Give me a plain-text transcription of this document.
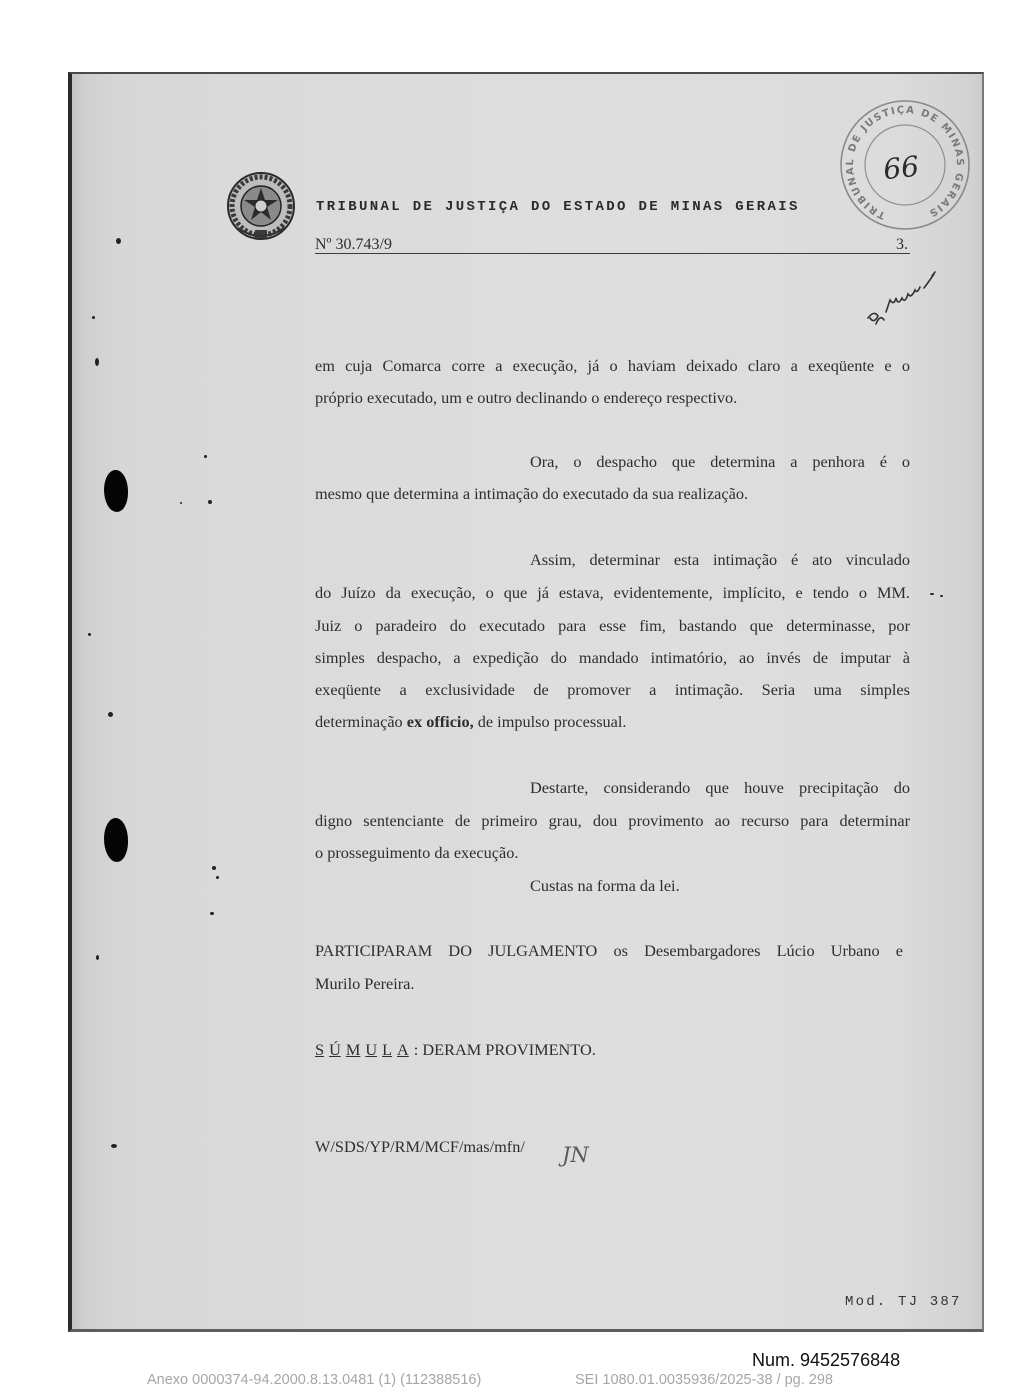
TRIBUNAL DE JUSTIÇA DO ESTADO DE MINAS GERAIS
Nº 30.743/9	3.
TRIBUNAL DE JUSTIÇA DE MINAS GERAIS
66
em cuja Comarca corre a execução, já o haviam deixado claro a exeqüente e o
próprio executado, um e outro declinando o endereço respectivo.
Ora, o despacho que determina a penhora é o
mesmo que determina a intimação do executado da sua realização.
Assim, determinar esta intimação é ato vinculado
do Juízo da execução, o que já estava, evidentemente, implícito, e tendo o MM.
Juiz o paradeiro do executado para esse fim, bastando que determinasse, por
simples despacho, a expedição do mandado intimatório, ao invés de imputar à
exeqüente a exclusividade de promover a intimação. Seria uma simples
determinação ex officio, de impulso processual.
Destarte, considerando que houve precipitação do
digno sentenciante de primeiro grau, dou provimento ao recurso para determinar
o prosseguimento da execução.
Custas na forma da lei.
PARTICIPARAM DO JULGAMENTO os Desembargadores Lúcio Urbano e
Murilo Pereira.
S Ú M U L A : DERAM PROVIMENTO.
W/SDS/YP/RM/MCF/mas/mfn/	JN
Mod. TJ 387
Num. 9452576848
Anexo 0000374-94.2000.8.13.0481 (1) (112388516)	SEI 1080.01.0035936/2025-38 / pg. 298
